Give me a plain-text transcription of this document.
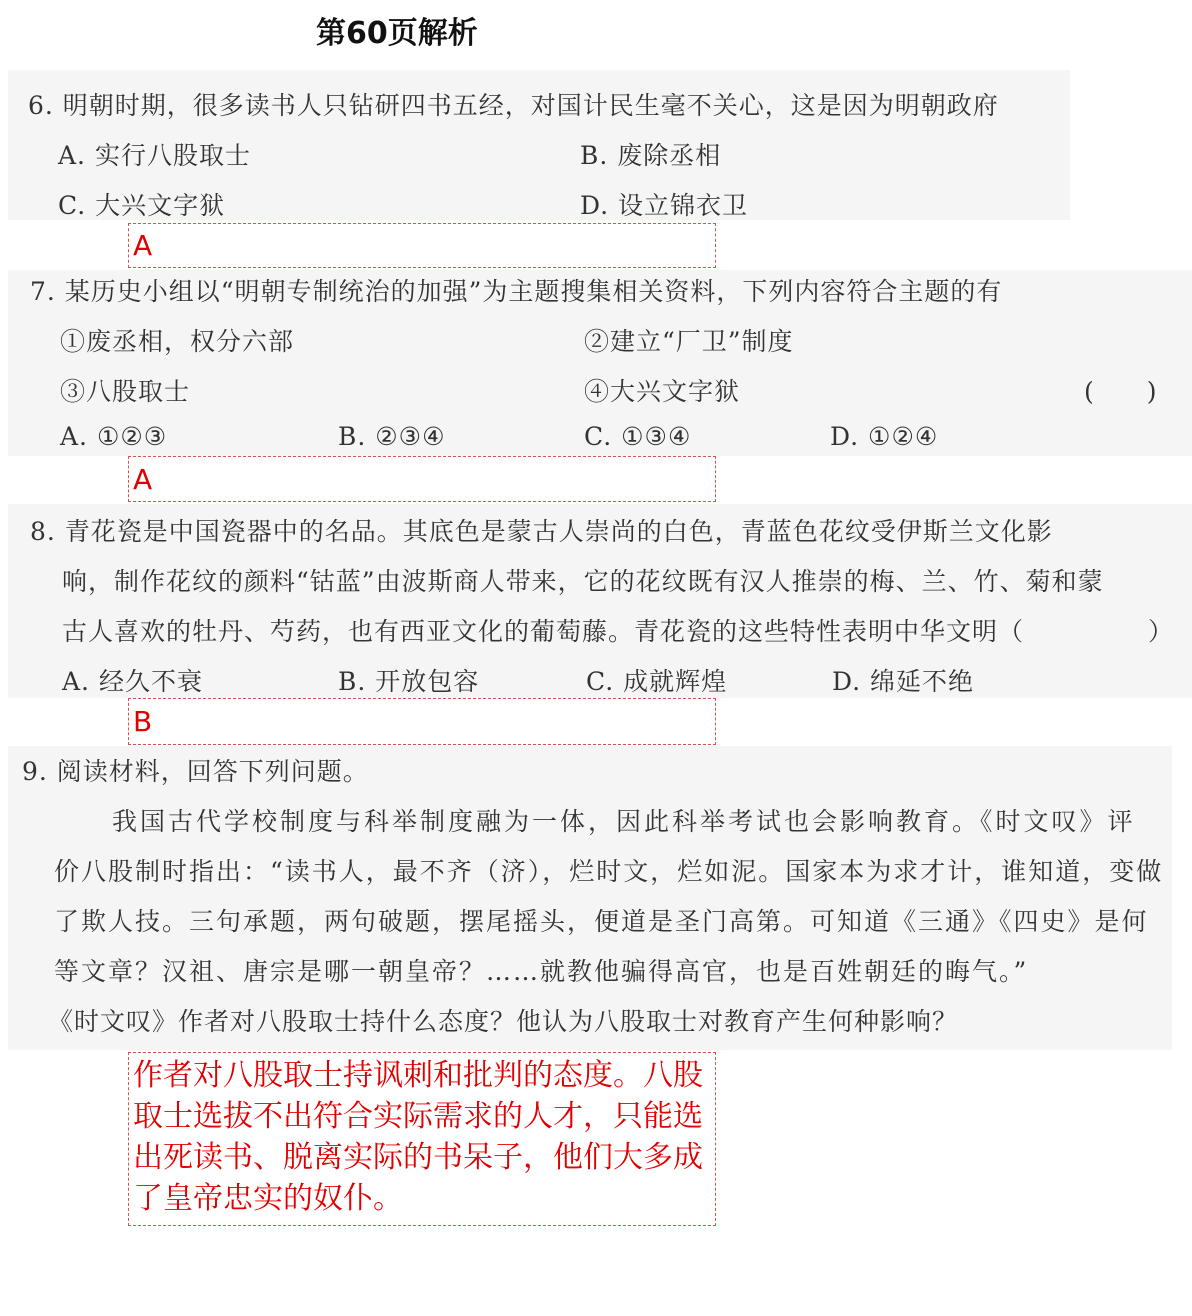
第60页解析
6. 明朝时期，很多读书人只钻研四书五经，对国计民生毫不关心，这是因为明朝政府
A. 实行八股取士	B. 废除丞相
C. 大兴文字狱	D. 设立锦衣卫
A
7. 某历史小组以“明朝专制统治的加强”为主题搜集相关资料，下列内容符合主题的有
①废丞相，权分六部	②建立“厂卫”制度
③八股取士	④大兴文字狱	(　　)
A. ①②③	B. ②③④	C. ①③④	D. ①②④
A
8. 青花瓷是中国瓷器中的名品。其底色是蒙古人崇尚的白色，青蓝色花纹受伊斯兰文化影
响，制作花纹的颜料“钴蓝”由波斯商人带来，它的花纹既有汉人推崇的梅、兰、竹、菊和蒙
古人喜欢的牡丹、芍药，也有西亚文化的葡萄藤。青花瓷的这些特性表明中华文明（	）
A. 经久不衰	B. 开放包容	C. 成就辉煌	D. 绵延不绝
B
9. 阅读材料，回答下列问题。
我国古代学校制度与科举制度融为一体，因此科举考试也会影响教育。《时文叹》评
价八股制时指出：“读书人，最不齐（济），烂时文，烂如泥。国家本为求才计，谁知道，变做
了欺人技。三句承题，两句破题，摆尾摇头，便道是圣门高第。可知道《三通》《四史》是何
等文章？汉祖、唐宗是哪一朝皇帝？……就教他骗得高官，也是百姓朝廷的晦气。”
《时文叹》作者对八股取士持什么态度？他认为八股取士对教育产生何种影响？
作者对八股取士持讽刺和批判的态度。八股取士选拔不出符合实际需求的人才，只能选出死读书、脱离实际的书呆子，他们大多成了皇帝忠实的奴仆。
